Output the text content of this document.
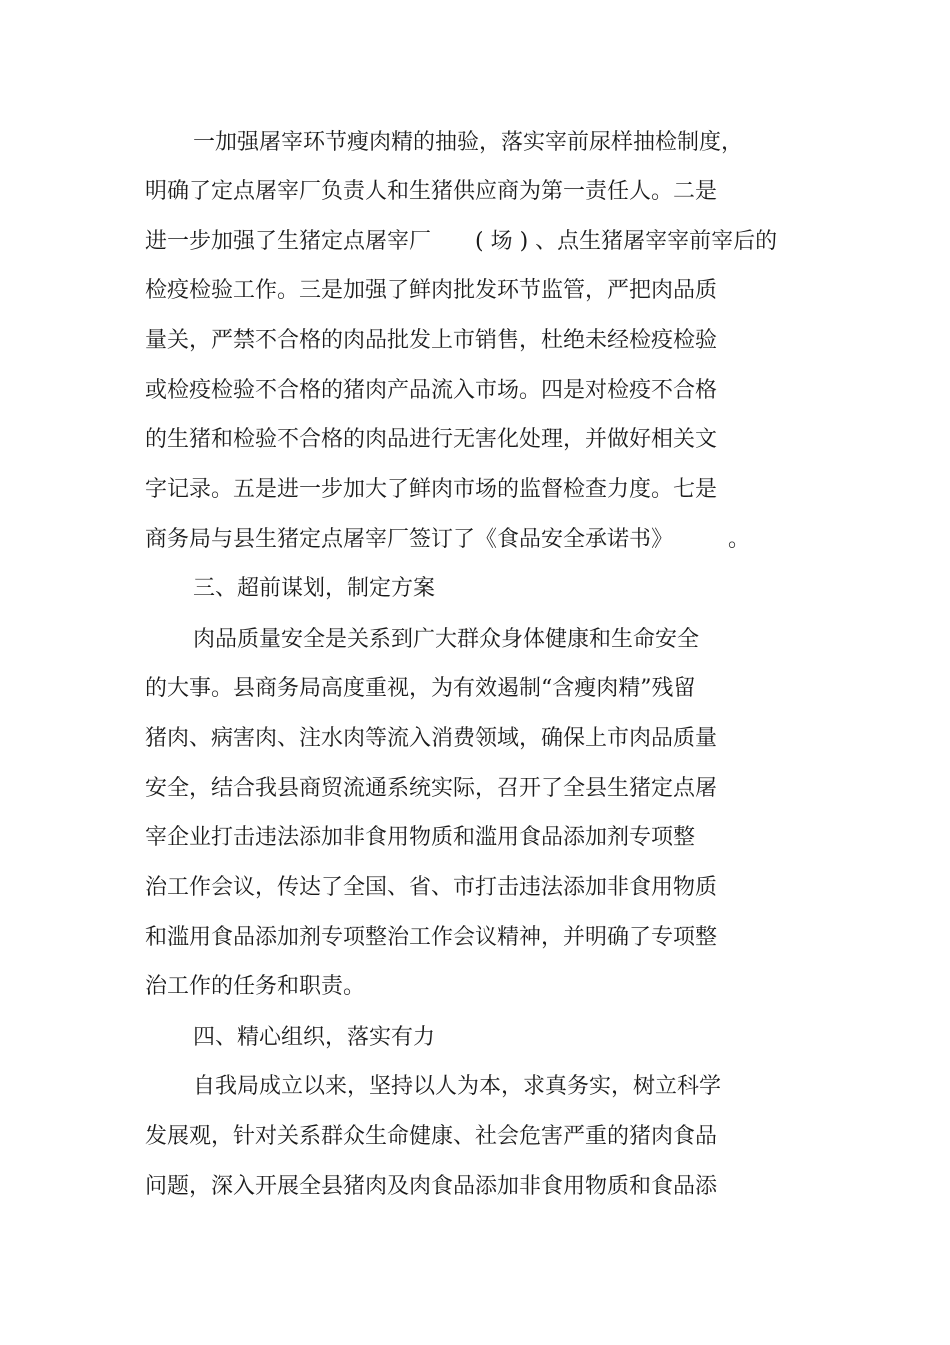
一加强屠宰环节瘦肉精的抽验，落实宰前尿样抽检制度，
明确了定点屠宰厂负责人和生猪供应商为第一责任人。二是
进一步加强了生猪定点屠宰厂　　( 场 ) 、点生猪屠宰宰前宰后的
检疫检验工作。三是加强了鲜肉批发环节监管，严把肉品质
量关，严禁不合格的肉品批发上市销售，杜绝未经检疫检验
或检疫检验不合格的猪肉产品流入市场。四是对检疫不合格
的生猪和检验不合格的肉品进行无害化处理，并做好相关文
字记录。五是进一步加大了鲜肉市场的监督检查力度。七是
商务局与县生猪定点屠宰厂签订了《食品安全承诺书》　　　。
三、超前谋划，制定方案
肉品质量安全是关系到广大群众身体健康和生命安全
的大事。县商务局高度重视，为有效遏制“含瘦肉精”残留
猪肉、病害肉、注水肉等流入消费领域，确保上市肉品质量
安全，结合我县商贸流通系统实际，召开了全县生猪定点屠
宰企业打击违法添加非食用物质和滥用食品添加剂专项整
治工作会议，传达了全国、省、市打击违法添加非食用物质
和滥用食品添加剂专项整治工作会议精神，并明确了专项整
治工作的任务和职责。
四、精心组织，落实有力
自我局成立以来，坚持以人为本，求真务实，树立科学
发展观，针对关系群众生命健康、社会危害严重的猪肉食品
问题，深入开展全县猪肉及肉食品添加非食用物质和食品添
